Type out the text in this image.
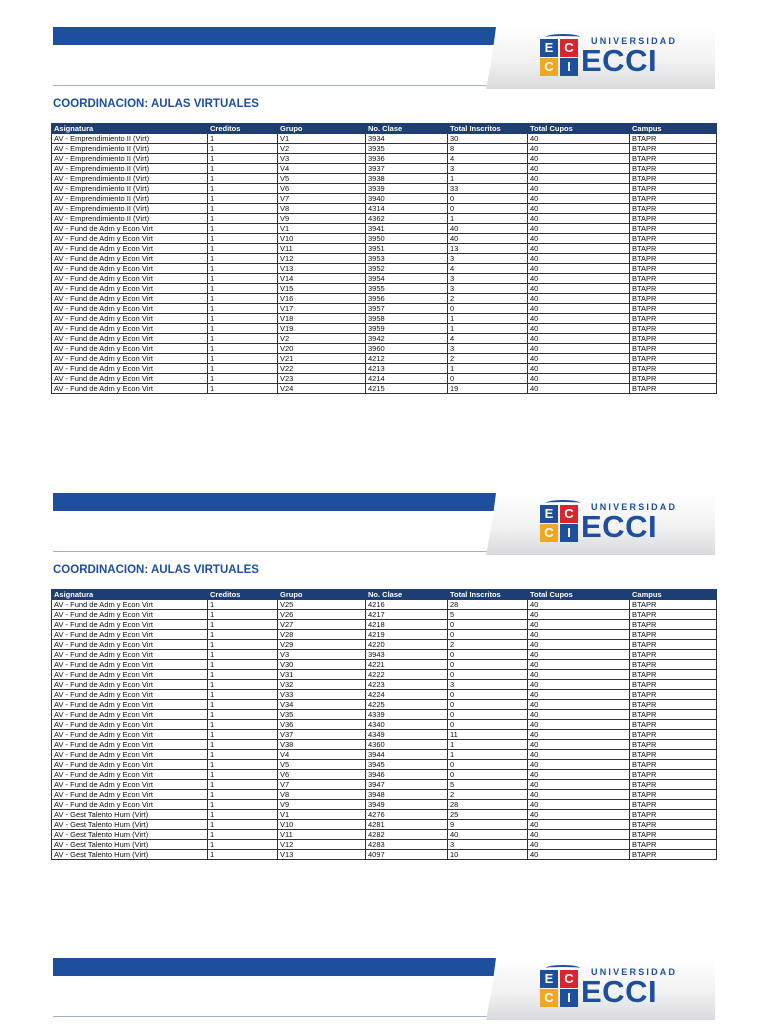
E C
C	I
UNIVERSIDAD
ECCI
COORDINACION: AULAS VIRTUALES
Asignatura	Creditos	Grupo	No. Clase	Total Inscritos	Total Cupos	Campus
AV - Emprendimiento II (Virt)	1	V1	3934	30	40	BTAPR
AV - Emprendimiento II (Virt)	1	V2	3935	8	40	BTAPR
AV - Emprendimiento II (Virt)	1	V3	3936	4	40	BTAPR
AV - Emprendimiento II (Virt)	1	V4	3937	3	40	BTAPR
AV - Emprendimiento II (Virt)	1	V5	3938	1	40	BTAPR
AV - Emprendimiento II (Virt)	1	V6	3939	33	40	BTAPR
AV - Emprendimiento II (Virt)	1	V7	3940	0	40	BTAPR
AV - Emprendimiento II (Virt)	1	V8	4314	0	40	BTAPR
AV - Emprendimiento II (Virt)	1	V9	4362	1	40	BTAPR
AV - Fund de Adm y Econ Virt	1	V1	3941	40	40	BTAPR
AV - Fund de Adm y Econ Virt	1	V10	3950	40	40	BTAPR
AV - Fund de Adm y Econ Virt	1	V11	3951	13	40	BTAPR
AV - Fund de Adm y Econ Virt	1	V12	3953	3	40	BTAPR
AV - Fund de Adm y Econ Virt	1	V13	3952	4	40	BTAPR
AV - Fund de Adm y Econ Virt	1	V14	3954	3	40	BTAPR
AV - Fund de Adm y Econ Virt	1	V15	3955	3	40	BTAPR
AV - Fund de Adm y Econ Virt	1	V16	3956	2	40	BTAPR
AV - Fund de Adm y Econ Virt	1	V17	3957	0	40	BTAPR
AV - Fund de Adm y Econ Virt	1	V18	3958	1	40	BTAPR
AV - Fund de Adm y Econ Virt	1	V19	3959	1	40	BTAPR
AV - Fund de Adm y Econ Virt	1	V2	3942	4	40	BTAPR
AV - Fund de Adm y Econ Virt	1	V20	3960	3	40	BTAPR
AV - Fund de Adm y Econ Virt	1	V21	4212	2	40	BTAPR
AV - Fund de Adm y Econ Virt	1	V22	4213	1	40	BTAPR
AV - Fund de Adm y Econ Virt	1	V23	4214	0	40	BTAPR
AV - Fund de Adm y Econ Virt	1	V24	4215	19	40	BTAPR
E C
C	I
UNIVERSIDAD
ECCI
COORDINACION: AULAS VIRTUALES
Asignatura	Creditos	Grupo	No. Clase	Total Inscritos	Total Cupos	Campus
AV - Fund de Adm y Econ Virt	1	V25	4216	28	40	BTAPR
AV - Fund de Adm y Econ Virt	1	V26	4217	5	40	BTAPR
AV - Fund de Adm y Econ Virt	1	V27	4218	0	40	BTAPR
AV - Fund de Adm y Econ Virt	1	V28	4219	0	40	BTAPR
AV - Fund de Adm y Econ Virt	1	V29	4220	2	40	BTAPR
AV - Fund de Adm y Econ Virt	1	V3	3943	0	40	BTAPR
AV - Fund de Adm y Econ Virt	1	V30	4221	0	40	BTAPR
AV - Fund de Adm y Econ Virt	1	V31	4222	0	40	BTAPR
AV - Fund de Adm y Econ Virt	1	V32	4223	3	40	BTAPR
AV - Fund de Adm y Econ Virt	1	V33	4224	0	40	BTAPR
AV - Fund de Adm y Econ Virt	1	V34	4225	0	40	BTAPR
AV - Fund de Adm y Econ Virt	1	V35	4339	0	40	BTAPR
AV - Fund de Adm y Econ Virt	1	V36	4340	0	40	BTAPR
AV - Fund de Adm y Econ Virt	1	V37	4349	11	40	BTAPR
AV - Fund de Adm y Econ Virt	1	V38	4360	1	40	BTAPR
AV - Fund de Adm y Econ Virt	1	V4	3944	1	40	BTAPR
AV - Fund de Adm y Econ Virt	1	V5	3945	0	40	BTAPR
AV - Fund de Adm y Econ Virt	1	V6	3946	0	40	BTAPR
AV - Fund de Adm y Econ Virt	1	V7	3947	5	40	BTAPR
AV - Fund de Adm y Econ Virt	1	V8	3948	2	40	BTAPR
AV - Fund de Adm y Econ Virt	1	V9	3949	28	40	BTAPR
AV - Gest Talento Hum (Virt)	1	V1	4276	25	40	BTAPR
AV - Gest Talento Hum (Virt)	1	V10	4281	9	40	BTAPR
AV - Gest Talento Hum (Virt)	1	V11	4282	40	40	BTAPR
AV - Gest Talento Hum (Virt)	1	V12	4283	3	40	BTAPR
AV - Gest Talento Hum (Virt)	1	V13	4097	10	40	BTAPR
E C
C	I
UNIVERSIDAD
ECCI
